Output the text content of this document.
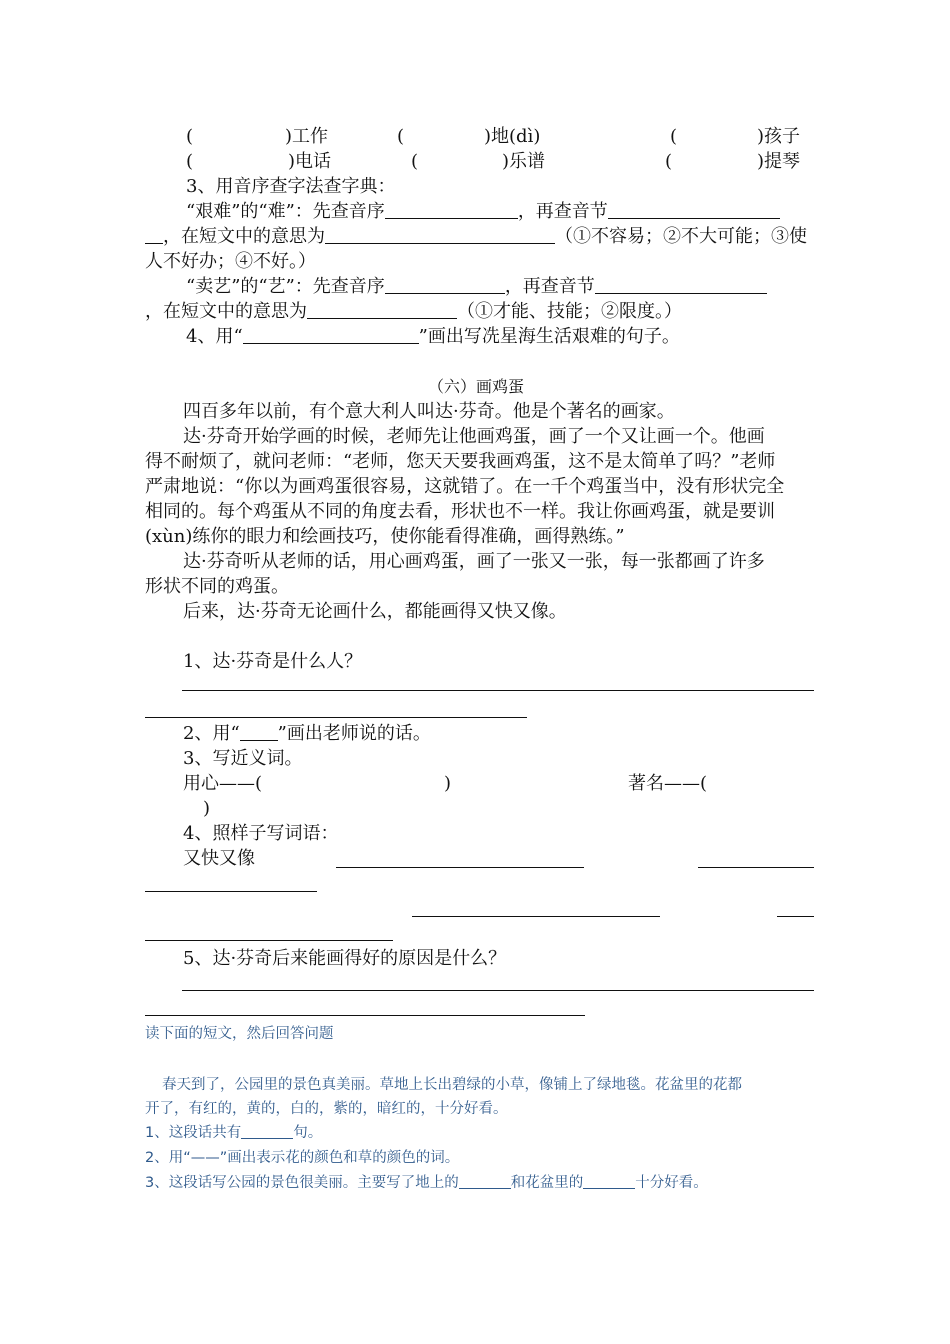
(	)工作	(	)地(dì)	(	)孩子
(	)电话	(	)乐谱	(	)提琴
3、用音序查字法查字典：
“艰难”的“难”：先查音序	，再查音节
，在短文中的意思为	（①不容易；②不大可能；③使
人不好办；④不好。）
“卖艺”的“艺”：先查音序	，再查音节
，在短文中的意思为	（①才能、技能；②限度。）
4、用“	”画出写冼星海生活艰难的句子。
（六）画鸡蛋
四百多年以前，有个意大利人叫达·芬奇。他是个著名的画家。
达·芬奇开始学画的时候，老师先让他画鸡蛋，画了一个又让画一个。他画
得不耐烦了，就问老师：“老师，您天天要我画鸡蛋，这不是太简单了吗？”老师
严肃地说：“你以为画鸡蛋很容易，这就错了。在一千个鸡蛋当中，没有形状完全
相同的。每个鸡蛋从不同的角度去看，形状也不一样。我让你画鸡蛋，就是要训
(xùn)练你的眼力和绘画技巧，使你能看得准确，画得熟练。”
达·芬奇听从老师的话，用心画鸡蛋，画了一张又一张，每一张都画了许多
形状不同的鸡蛋。
后来，达·芬奇无论画什么，都能画得又快又像。
1、达·芬奇是什么人？
2、用“ ”画出老师说的话。
3、写近义词。
用心——(	)	著名——(
)
4、照样子写词语：
又快又像
5、达·芬奇后来能画得好的原因是什么？
读下面的短文，然后回答问题
春天到了，公园里的景色真美丽。草地上长出碧绿的小草，像铺上了绿地毯。花盆里的花都
开了，有红的，黄的，白的，紫的，暗红的，十分好看。
1、这段话共有	句。
2、用“——”画出表示花的颜色和草的颜色的词。
3、这段话写公园的景色很美丽。主要写了地上的	和花盆里的	十分好看。
